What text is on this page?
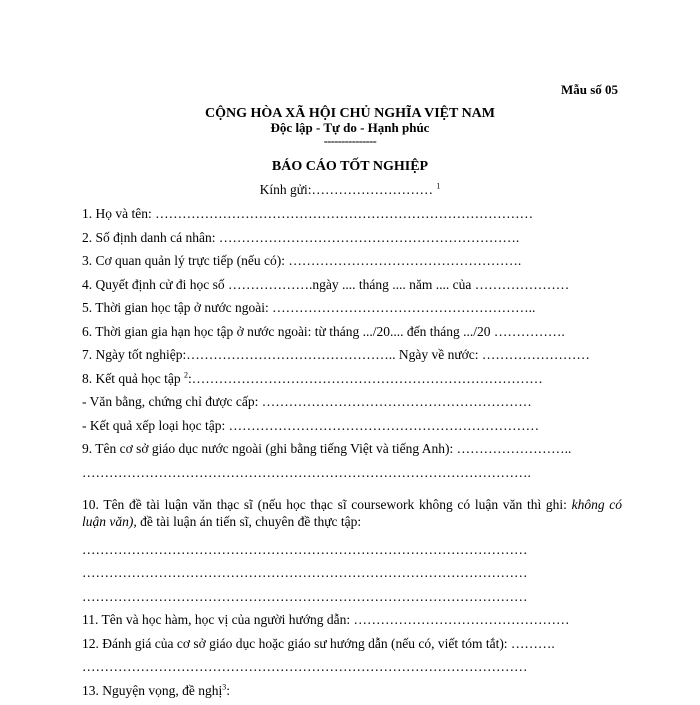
Mẫu số 05
CỘNG HÒA XÃ HỘI CHỦ NGHĨA VIỆT NAM
Độc lập - Tự do - Hạnh phúc
---------------
BÁO CÁO TỐT NGHIỆP
Kính gửi:……………………… $^1$
1. Họ và tên: …………………………………………………………………………
2. Số định danh cá nhân: ………………………………………………………….
3. Cơ quan quản lý trực tiếp (nếu có): …………………………………………….
4. Quyết định cử đi học số ……………….ngày .... tháng .... năm .... của …………………
5. Thời gian học tập ở nước ngoài: …………………………………………………..
6. Thời gian gia hạn học tập ở nước ngoài: từ tháng .../20.... đến tháng .../20 …………….
7. Ngày tốt nghiệp:……………………………………….. Ngày về nước: ……………………
8. Kết quả học tập $^2$:……………………………………………………………………
- Văn bằng, chứng chỉ được cấp: ……………………………………………………
- Kết quả xếp loại học tập: ……………………………………………………………
9. Tên cơ sở giáo dục nước ngoài (ghi bằng tiếng Việt và tiếng Anh): ……………………..
……………………………………………………………………………………….
10. Tên đề tài luận văn thạc sĩ (nếu học thạc sĩ coursework không có luận văn thì ghi: không có luận văn), đề tài luận án tiến sĩ, chuyên đề thực tập:
………………………………………………………………………………………
………………………………………………………………………………………
………………………………………………………………………………………
11. Tên và học hàm, học vị của người hướng dẫn: …………………………………………
12. Đánh giá của cơ sở giáo dục hoặc giáo sư hướng dẫn (nếu có, viết tóm tắt): ……….
………………………………………………………………………………………
13. Nguyện vọng, đề nghị$^3$:
